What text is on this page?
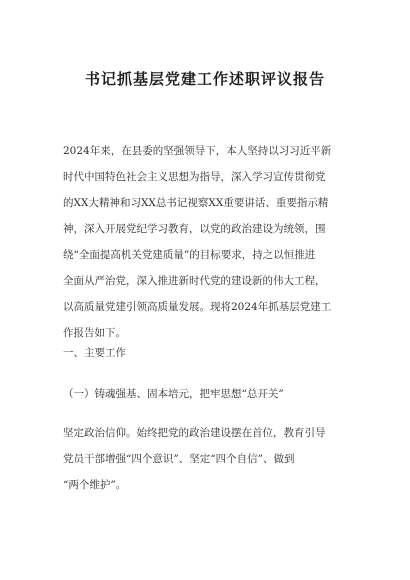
书记抓基层党建工作述职评议报告
2024年来，在县委的坚强领导下，本人坚持以习习近平新
时代中国特色社会主义思想为指导，深入学习宣传贯彻党
的XX大精神和习XX总书记视察XX重要讲话、重要指示精
神，深入开展党纪学习教育，以党的政治建设为统领，围
绕“全面提高机关党建质量”的目标要求，持之以恒推进
全面从严治党，深入推进新时代党的建设新的伟大工程，
以高质量党建引领高质量发展。现将2024年抓基层党建工
作报告如下。
一、主要工作
（一）铸魂强基、固本培元，把牢思想“总开关”
坚定政治信仰。始终把党的政治建设摆在首位，教育引导
党员干部增强“四个意识”、坚定“四个自信”、做到
“两个维护”。
